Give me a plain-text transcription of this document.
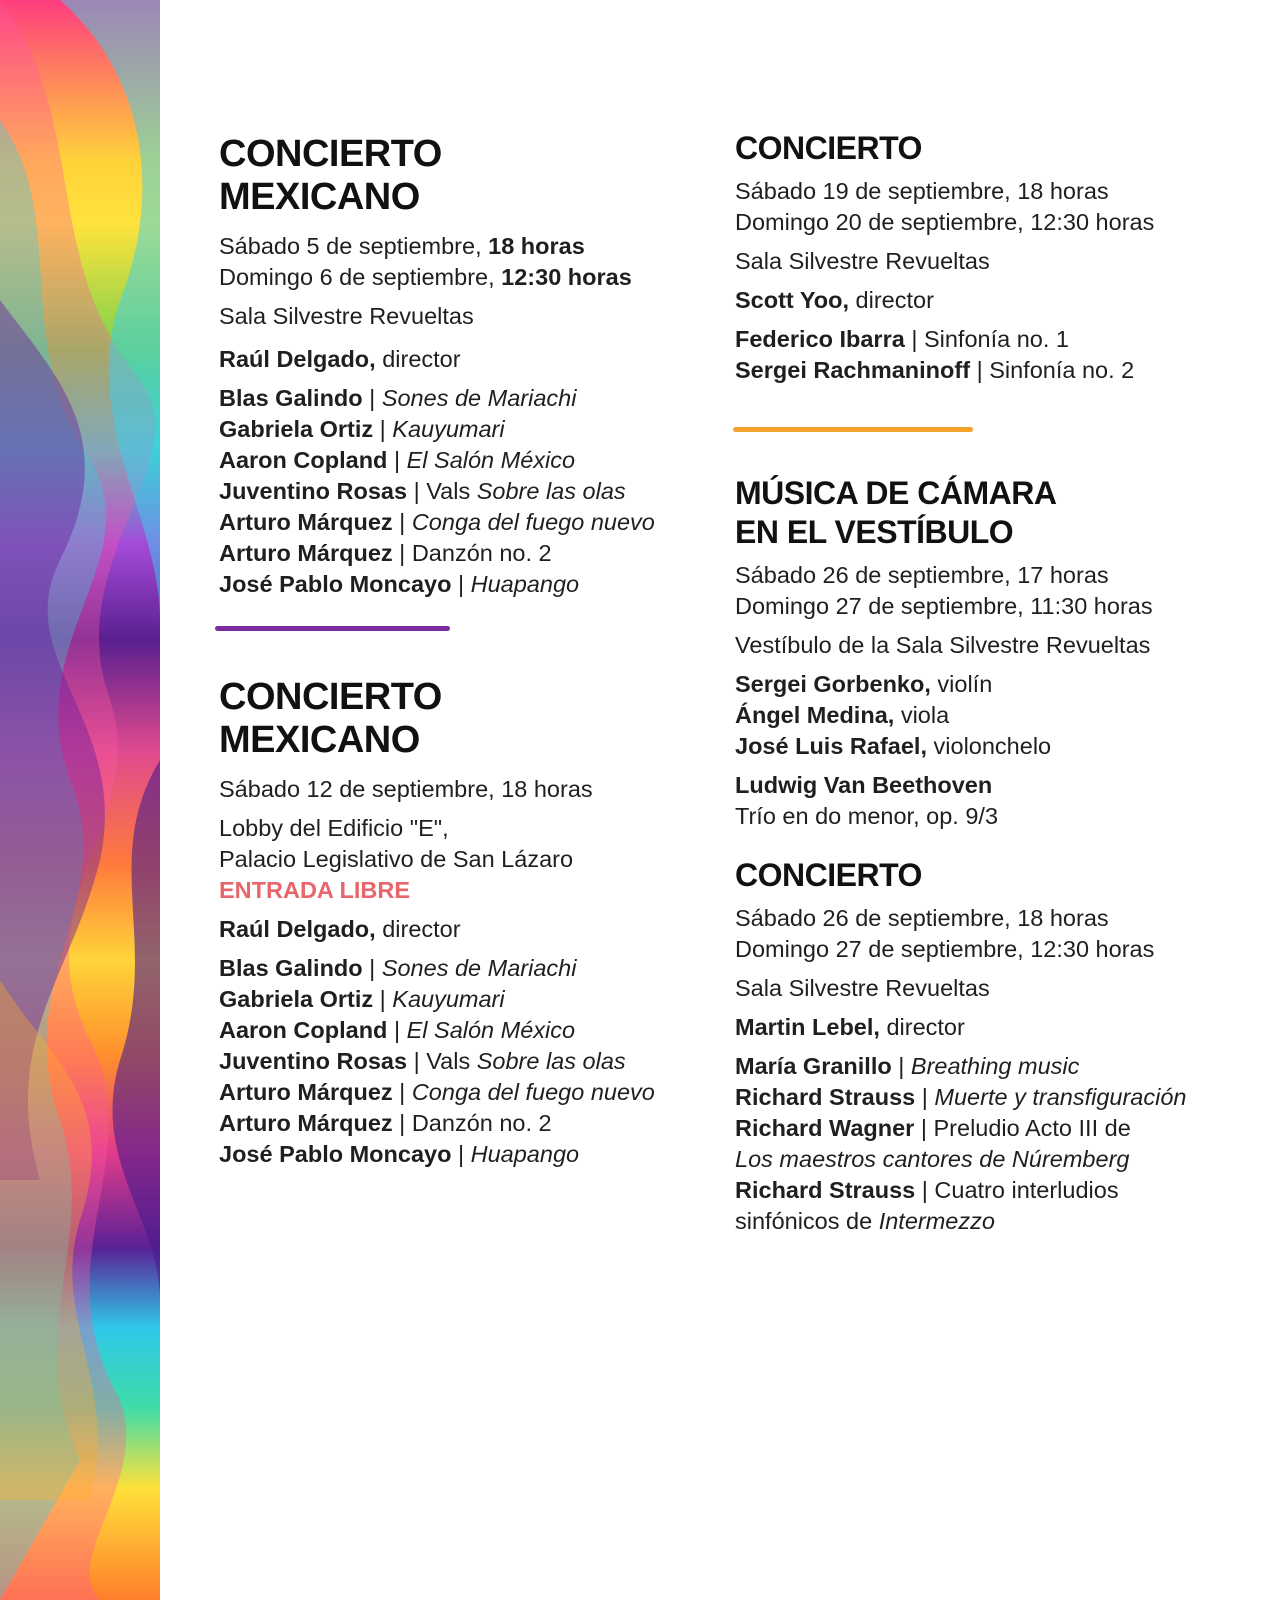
CONCIERTO
MEXICANO
Sábado 5 de septiembre, 18 horas
Domingo 6 de septiembre, 12:30 horas
Sala Silvestre Revueltas
Raúl Delgado, director
Blas Galindo | Sones de Mariachi
Gabriela Ortiz | Kauyumari
Aaron Copland | El Salón México
Juventino Rosas | Vals Sobre las olas
Arturo Márquez | Conga del fuego nuevo
Arturo Márquez | Danzón no. 2
José Pablo Moncayo | Huapango
CONCIERTO
MEXICANO
Sábado 12 de septiembre, 18 horas
Lobby del Edificio "E",
Palacio Legislativo de San Lázaro
ENTRADA LIBRE
Raúl Delgado, director
Blas Galindo | Sones de Mariachi
Gabriela Ortiz | Kauyumari
Aaron Copland | El Salón México
Juventino Rosas | Vals Sobre las olas
Arturo Márquez | Conga del fuego nuevo
Arturo Márquez | Danzón no. 2
José Pablo Moncayo | Huapango
CONCIERTO
Sábado 19 de septiembre, 18 horas
Domingo 20 de septiembre, 12:30 horas
Sala Silvestre Revueltas
Scott Yoo, director
Federico Ibarra | Sinfonía no. 1
Sergei Rachmaninoff | Sinfonía no. 2
MÚSICA DE CÁMARA
EN EL VESTÍBULO
Sábado 26 de septiembre, 17 horas
Domingo 27 de septiembre, 11:30 horas
Vestíbulo de la Sala Silvestre Revueltas
Sergei Gorbenko, violín
Ángel Medina, viola
José Luis Rafael, violonchelo
Ludwig Van Beethoven
Trío en do menor, op. 9/3
CONCIERTO
Sábado 26 de septiembre, 18 horas
Domingo 27 de septiembre, 12:30 horas
Sala Silvestre Revueltas
Martin Lebel, director
María Granillo | Breathing music
Richard Strauss | Muerte y transfiguración
Richard Wagner | Preludio Acto III de
Los maestros cantores de Núremberg
Richard Strauss | Cuatro interludios
sinfónicos de Intermezzo
